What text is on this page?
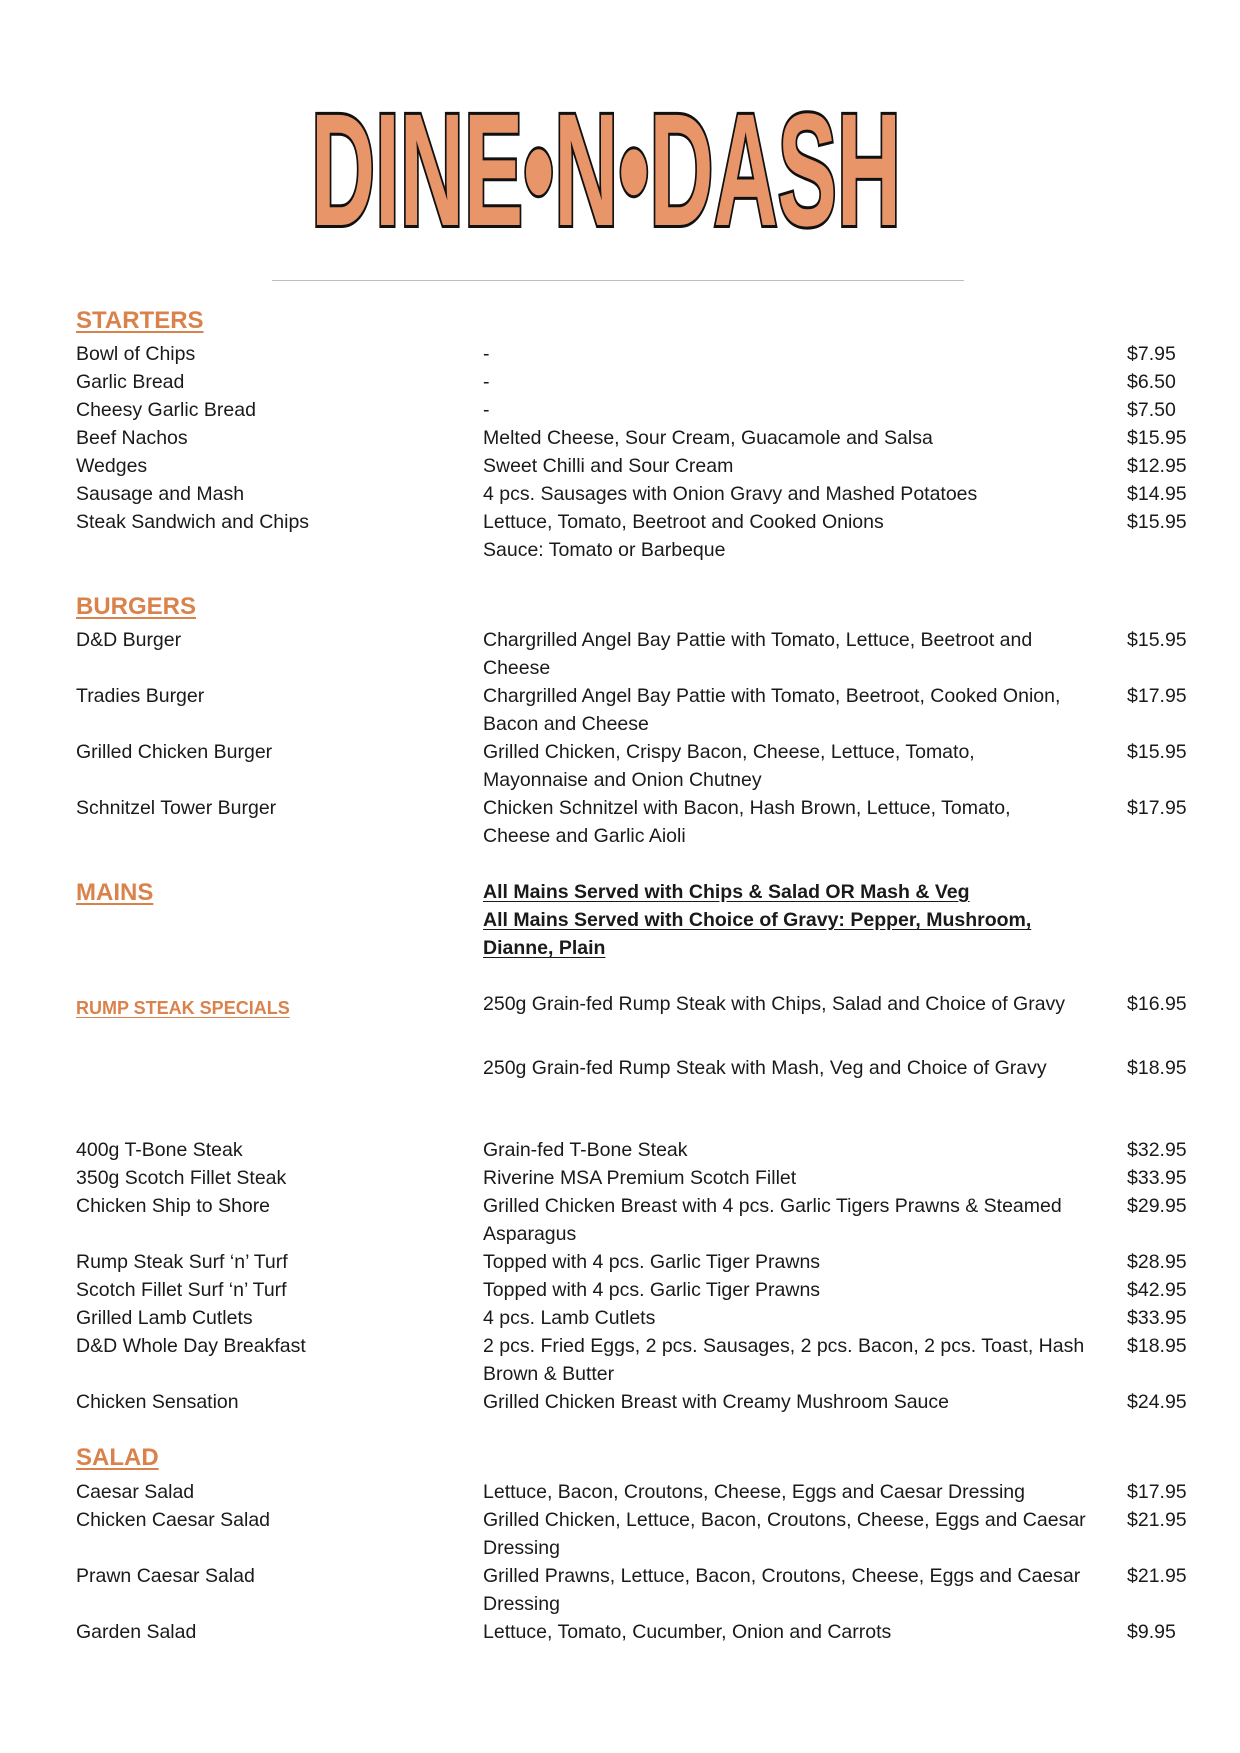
DINE•N•DASH
STARTERS
Bowl of Chips	-	$7.95
Garlic Bread	-	$6.50
Cheesy Garlic Bread	-	$7.50
Beef Nachos	Melted Cheese, Sour Cream, Guacamole and Salsa	$15.95
Wedges	Sweet Chilli and Sour Cream	$12.95
Sausage and Mash	4 pcs. Sausages with Onion Gravy and Mashed Potatoes	$14.95
Steak Sandwich and Chips	Lettuce, Tomato, Beetroot and Cooked Onions	$15.95
Sauce: Tomato or Barbeque
BURGERS
D&D Burger	Chargrilled Angel Bay Pattie with Tomato, Lettuce, Beetroot and	$15.95
Cheese
Tradies Burger	Chargrilled Angel Bay Pattie with Tomato, Beetroot, Cooked Onion,	$17.95
Bacon and Cheese
Grilled Chicken Burger	Grilled Chicken, Crispy Bacon, Cheese, Lettuce, Tomato,	$15.95
Mayonnaise and Onion Chutney
Schnitzel Tower Burger	Chicken Schnitzel with Bacon, Hash Brown, Lettuce, Tomato,	$17.95
Cheese and Garlic Aioli
MAINS	All Mains Served with Chips & Salad OR Mash & Veg
All Mains Served with Choice of Gravy: Pepper, Mushroom,
Dianne, Plain
RUMP STEAK SPECIALS	250g Grain-fed Rump Steak with Chips, Salad and Choice of Gravy	$16.95
250g Grain-fed Rump Steak with Mash, Veg and Choice of Gravy	$18.95
400g T-Bone Steak	Grain-fed T-Bone Steak	$32.95
350g Scotch Fillet Steak	Riverine MSA Premium Scotch Fillet	$33.95
Chicken Ship to Shore	Grilled Chicken Breast with 4 pcs. Garlic Tigers Prawns & Steamed	$29.95
Asparagus
Rump Steak Surf ‘n’ Turf	Topped with 4 pcs. Garlic Tiger Prawns	$28.95
Scotch Fillet Surf ‘n’ Turf	Topped with 4 pcs. Garlic Tiger Prawns	$42.95
Grilled Lamb Cutlets	4 pcs. Lamb Cutlets	$33.95
D&D Whole Day Breakfast	2 pcs. Fried Eggs, 2 pcs. Sausages, 2 pcs. Bacon, 2 pcs. Toast, Hash	$18.95
Brown & Butter
Chicken Sensation	Grilled Chicken Breast with Creamy Mushroom Sauce	$24.95
SALAD
Caesar Salad	Lettuce, Bacon, Croutons, Cheese, Eggs and Caesar Dressing	$17.95
Chicken Caesar Salad	Grilled Chicken, Lettuce, Bacon, Croutons, Cheese, Eggs and Caesar	$21.95
Dressing
Prawn Caesar Salad	Grilled Prawns, Lettuce, Bacon, Croutons, Cheese, Eggs and Caesar	$21.95
Dressing
Garden Salad	Lettuce, Tomato, Cucumber, Onion and Carrots	$9.95
